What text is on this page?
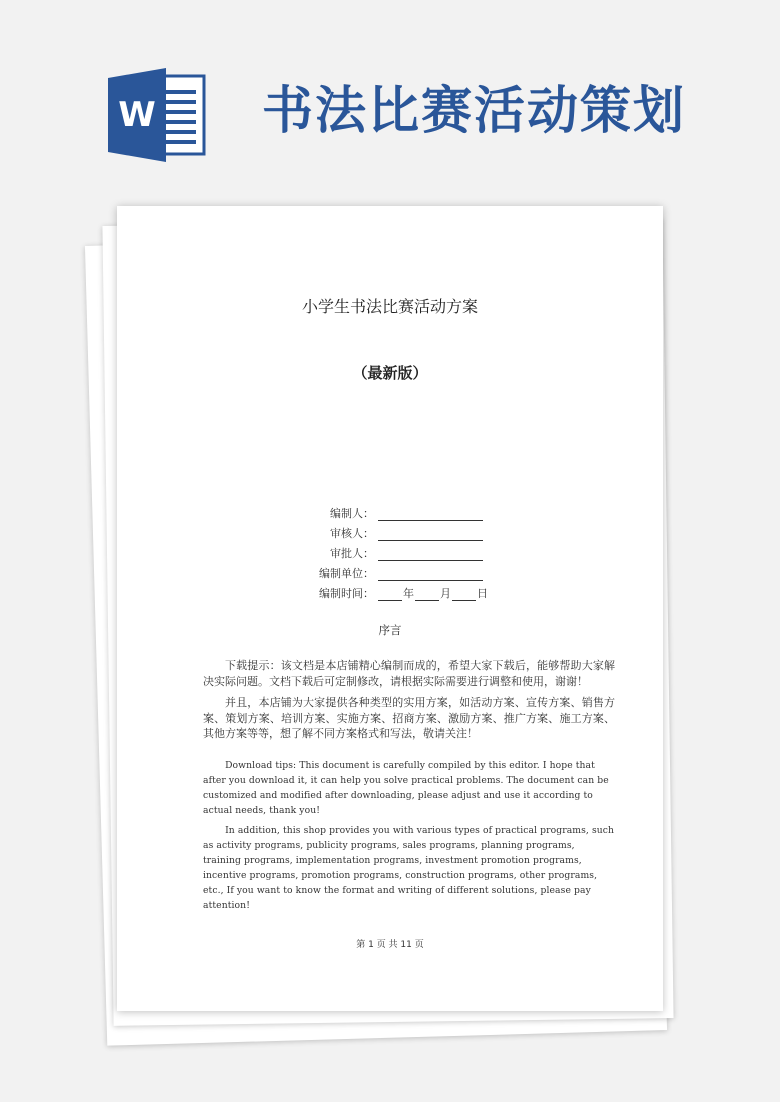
W 书法比赛活动策划
小学生书法比赛活动方案
（最新版）
编制人：
审核人：
审批人：
编制单位：
编制时间：	年 月 日
序言

下载提示：该文档是本店铺精心编制而成的，希望大家下载后，能够帮助大家解决实际问题。文档下载后可定制修改，请根据实际需要进行调整和使用，谢谢！

并且，本店铺为大家提供各种类型的实用方案，如活动方案、宣传方案、销售方案、策划方案、培训方案、实施方案、招商方案、激励方案、推广方案、施工方案、其他方案等等，想了解不同方案格式和写法，敬请关注！

Download tips: This document is carefully compiled by this editor. I hope that after you download it, it can help you solve practical problems. The document can be customized and modified after downloading, please adjust and use it according to actual needs, thank you!

In addition, this shop provides you with various types of practical programs, such as activity programs, publicity programs, sales programs, planning programs, training programs, implementation programs, investment promotion programs, incentive programs, promotion programs, construction programs, other programs, etc., If you want to know the format and writing of different solutions, please pay attention!

第 1 页 共 11 页
